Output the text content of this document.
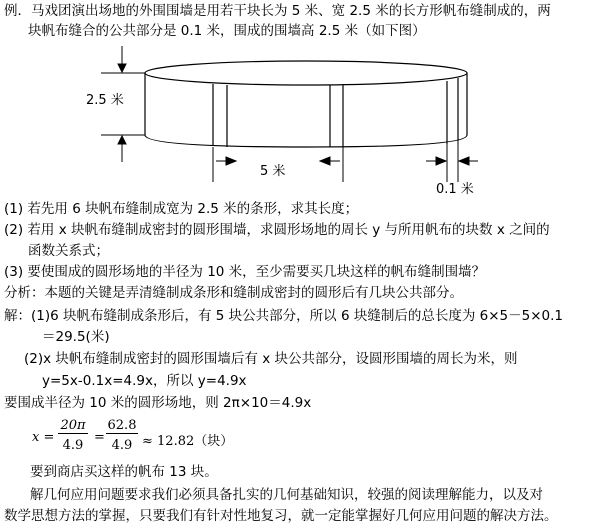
例．马戏团演出场地的外围围墙是用若干块长为 5 米、宽 2.5 米的长方形帆布缝制成的，两
块帆布缝合的公共部分是 0.1 米，围成的围墙高 2.5 米（如下图）
2.5 米
5 米
0.1 米
(1) 若先用 6 块帆布缝制成宽为 2.5 米的条形，求其长度；
(2) 若用 x 块帆布缝制成密封的圆形围墙，求圆形场地的周长 y 与所用帆布的块数 x 之间的
函数关系式；
(3) 要使围成的圆形场地的半径为 10 米，至少需要买几块这样的帆布缝制围墙？
分析：本题的关键是弄清缝制成条形和缝制成密封的圆形后有几块公共部分。
解：(1)6 块帆布缝制成条形后，有 5 块公共部分，所以 6 块缝制后的总长度为 6×5－5×0.1
＝29.5(米)
(2)x 块帆布缝制成密封的圆形围墙后有 x 块公共部分，设圆形围墙的周长为米，则
y=5x-0.1x=4.9x，所以 y=4.9x
要围成半径为 10 米的圆形场地，则 2π×10＝4.9x
x =
20π
4.9
=
62.8
4.9 ≈ 12.82（块）
要到商店买这样的帆布 13 块。
解几何应用问题要求我们必须具备扎实的几何基础知识，较强的阅读理解能力，以及对
数学思想方法的掌握，只要我们有针对性地复习，就一定能掌握好几何应用问题的解决方法。
